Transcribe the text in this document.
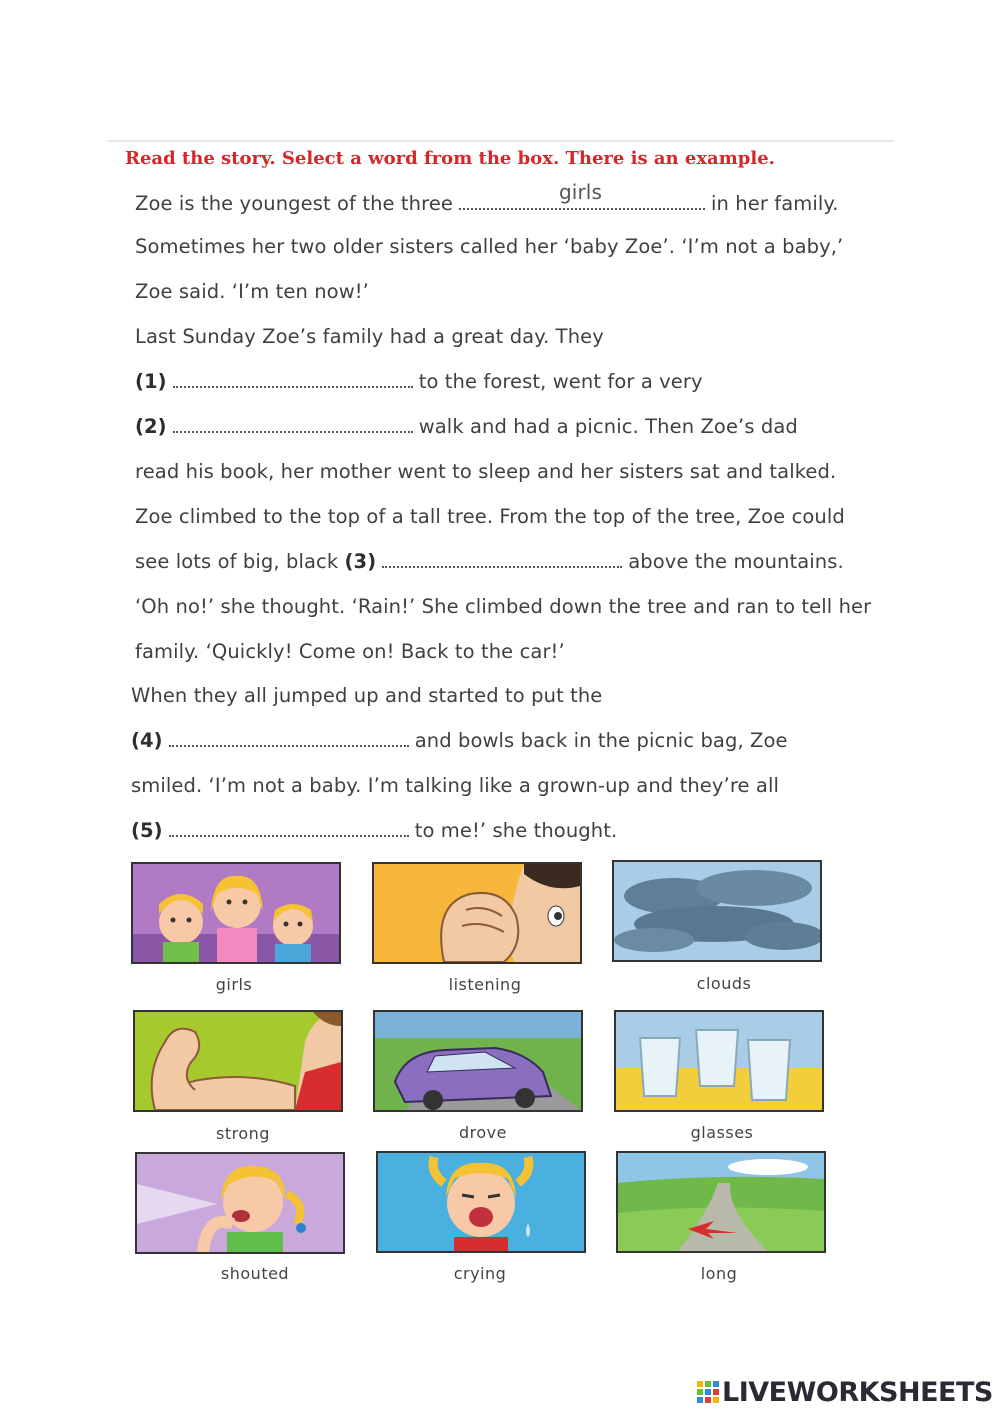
Read the story. Select a word from the box. There is an example.
Zoe is the youngest of the three	girls	in her family.
Sometimes her two older sisters called her ‘baby Zoe’. ‘I’m not a baby,’
Zoe said. ‘I’m ten now!’
Last Sunday Zoe’s family had a great day. They
(1)	to the forest, went for a very
(2)	walk and had a picnic. Then Zoe’s dad
read his book, her mother went to sleep and her sisters sat and talked.
Zoe climbed to the top of a tall tree. From the top of the tree, Zoe could
see lots of big, black (3)	above the mountains.
‘Oh no!’ she thought. ‘Rain!’ She climbed down the tree and ran to tell her
family. ‘Quickly! Come on! Back to the car!’
When they all jumped up and started to put the
(4)	and bowls back in the picnic bag, Zoe
smiled. ‘I’m not a baby. I’m talking like a grown-up and they’re all
(5)	to me!’ she thought.
girls	listening	clouds
strong	drove	glasses
shouted	crying	long
LIVEWORKSHEETS
